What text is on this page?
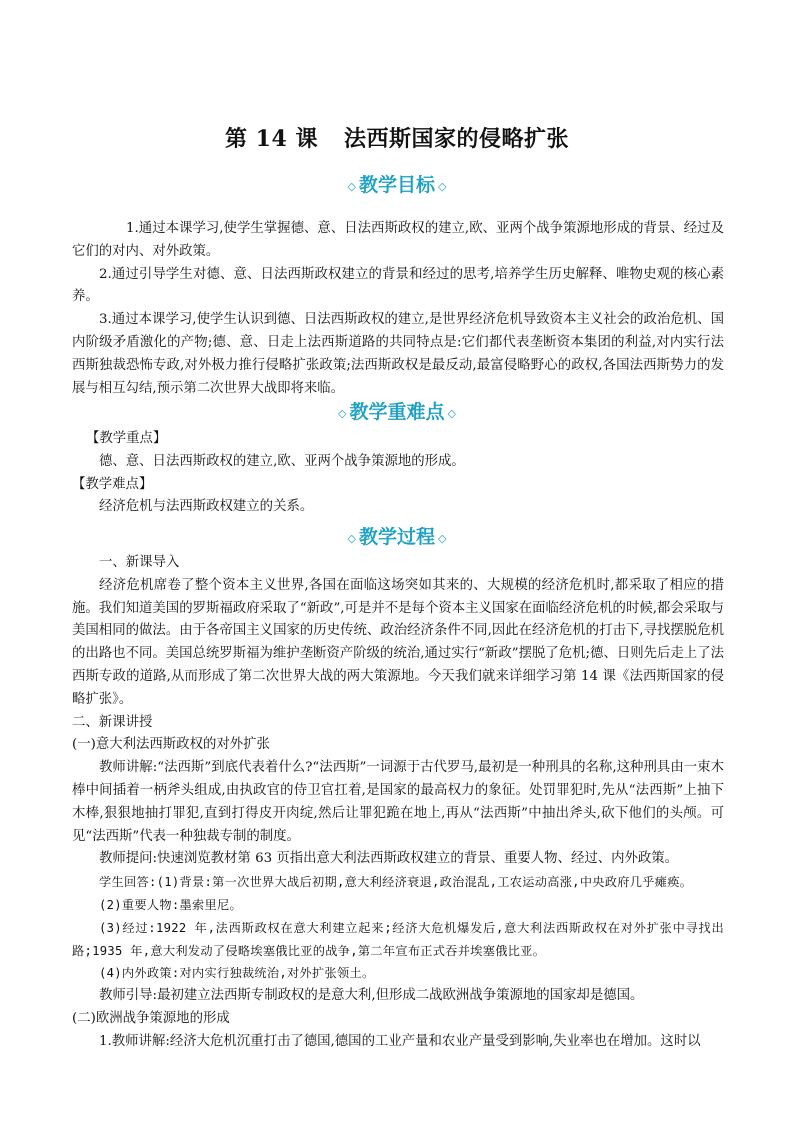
第 14 课 法西斯国家的侵略扩张
◇ 教学目标 ◇

1.通过本课学习,使学生掌握德、意、日法西斯政权的建立,欧、亚两个战争策源地形成的背景、经过及它们的对内、对外政策。

2.通过引导学生对德、意、日法西斯政权建立的背景和经过的思考,培养学生历史解释、唯物史观的核心素养。

3.通过本课学习,使学生认识到德、日法西斯政权的建立,是世界经济危机导致资本主义社会的政治危机、国内阶级矛盾激化的产物;德、意、日走上法西斯道路的共同特点是:它们都代表垄断资本集团的利益,对内实行法西斯独裁恐怖专政,对外极力推行侵略扩张政策;法西斯政权是最反动,最富侵略野心的政权,各国法西斯势力的发展与相互勾结,预示第二次世界大战即将来临。

◇ 教学重难点 ◇

【教学重点】

德、意、日法西斯政权的建立,欧、亚两个战争策源地的形成。

【教学难点】

经济危机与法西斯政权建立的关系。

◇ 教学过程 ◇

一、新课导入

经济危机席卷了整个资本主义世界,各国在面临这场突如其来的、大规模的经济危机时,都采取了相应的措施。我们知道美国的罗斯福政府采取了“新政”,可是并不是每个资本主义国家在面临经济危机的时候,都会采取与美国相同的做法。由于各帝国主义国家的历史传统、政治经济条件不同,因此在经济危机的打击下,寻找摆脱危机的出路也不同。美国总统罗斯福为维护垄断资产阶级的统治,通过实行“新政”摆脱了危机;德、日则先后走上了法西斯专政的道路,从而形成了第二次世界大战的两大策源地。今天我们就来详细学习第 14 课《法西斯国家的侵略扩张》。

二、新课讲授

(一)意大利法西斯政权的对外扩张

教师讲解:“法西斯”到底代表着什么?“法西斯”一词源于古代罗马,最初是一种刑具的名称,这种刑具由一束木棒中间插着一柄斧头组成,由执政官的侍卫官扛着,是国家的最高权力的象征。处罚罪犯时,先从“法西斯”上抽下木棒,狠狠地抽打罪犯,直到打得皮开肉绽,然后让罪犯跪在地上,再从“法西斯”中抽出斧头,砍下他们的头颅。可见“法西斯”代表一种独裁专制的制度。

教师提问:快速浏览教材第 63 页指出意大利法西斯政权建立的背景、重要人物、经过、内外政策。

学生回答:(1)背景:第一次世界大战后初期,意大利经济衰退,政治混乱,工农运动高涨,中央政府几乎瘫痪。

(2)重要人物:墨索里尼。

(3)经过:1922 年,法西斯政权在意大利建立起来;经济大危机爆发后,意大利法西斯政权在对外扩张中寻找出路;1935 年,意大利发动了侵略埃塞俄比亚的战争,第二年宣布正式吞并埃塞俄比亚。

(4)内外政策:对内实行独裁统治,对外扩张领土。

教师引导:最初建立法西斯专制政权的是意大利,但形成二战欧洲战争策源地的国家却是德国。

(二)欧洲战争策源地的形成

1.教师讲解:经济大危机沉重打击了德国,德国的工业产量和农业产量受到影响,失业率也在增加。这时以
